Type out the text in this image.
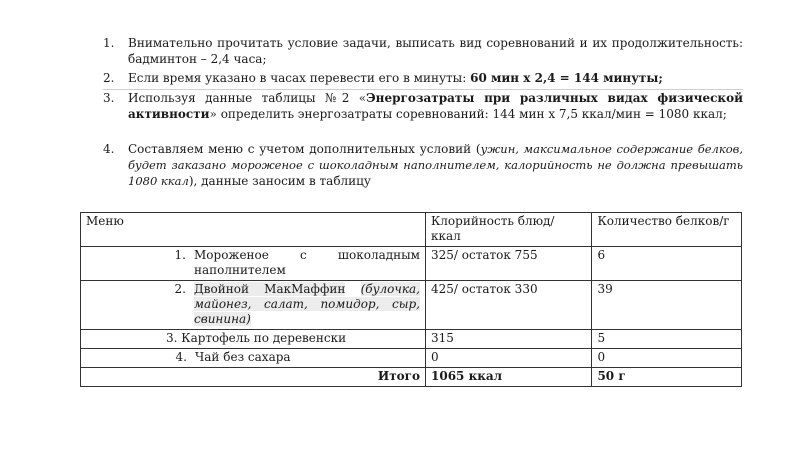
1. Внимательно прочитать условие задачи, выписать вид соревнований и их продолжительность: бадминтон – 2,4 часа;
2. Если время указано в часах перевести его в минуты: 60 мин х 2,4 = 144 минуты;
3. Используя данные таблицы №2 «Энергозатраты при различных видах физической активности» определить энергозатраты соревнований: 144 мин х 7,5 ккал/мин = 1080 ккал;
4. Составляем меню с учетом дополнительных условий (ужин, максимальное содержание белков, будет заказано мороженое с шоколадным наполнителем, калорийность не должна превышать 1080 ккал), данные заносим в таблицу
Меню	Клорийность блюд/ ккал	Количество белков/г

1. Мороженое с шоколадным наполнителем	325/ остаток 755	6

2. Двойной МакМаффин (булочка, майонез, салат, помидор, сыр, свинина)	425/ остаток 330	39

3. Картофель по деревенски	315	5

4. Чай без сахара	0	0
Итого	1065 ккал	50 г
